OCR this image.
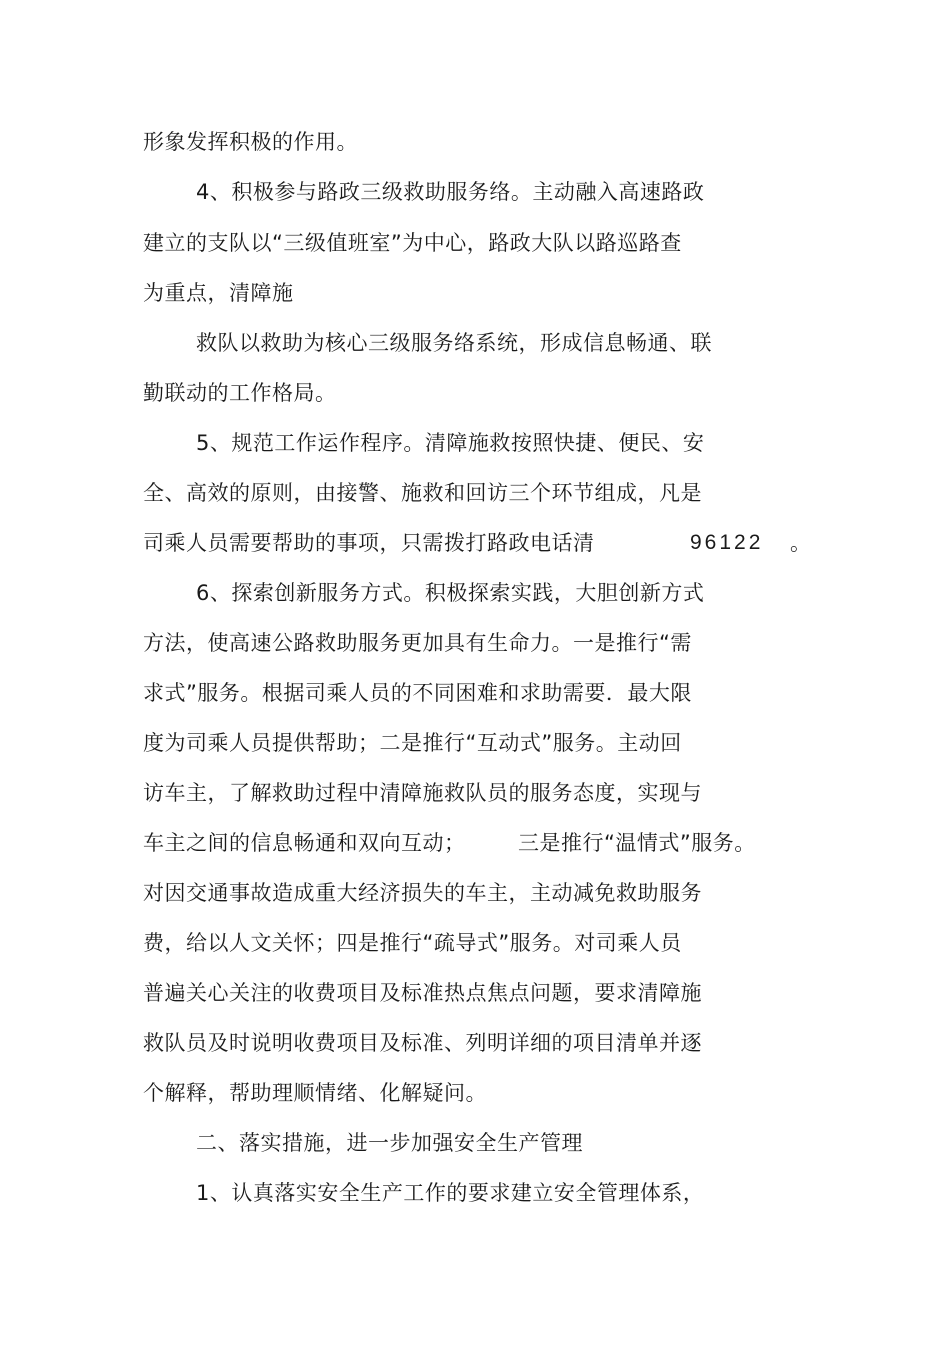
形象发挥积极的作用。
4、积极参与路政三级救助服务络。主动融入高速路政
建立的支队以“三级值班室”为中心，路政大队以路巡路查
为重点，清障施
救队以救助为核心三级服务络系统，形成信息畅通、联
勤联动的工作格局。
5、规范工作运作程序。清障施救按照快捷、便民、安
全、高效的原则，由接警、施救和回访三个环节组成，凡是
司乘人员需要帮助的事项，只需拨打路政电话清	96122 。
6、探索创新服务方式。积极探索实践，大胆创新方式
方法，使高速公路救助服务更加具有生命力。一是推行“需
求式”服务。根据司乘人员的不同困难和求助需要．最大限
度为司乘人员提供帮助；二是推行“互动式”服务。主动回
访车主，了解救助过程中清障施救队员的服务态度，实现与
车主之间的信息畅通和双向互动；	三是推行“温情式”服务。
对因交通事故造成重大经济损失的车主，主动减免救助服务
费，给以人文关怀；四是推行“疏导式”服务。对司乘人员
普遍关心关注的收费项目及标准热点焦点问题，要求清障施
救队员及时说明收费项目及标准、列明详细的项目清单并逐
个解释，帮助理顺情绪、化解疑问。
二、落实措施，进一步加强安全生产管理
1、认真落实安全生产工作的要求建立安全管理体系，
